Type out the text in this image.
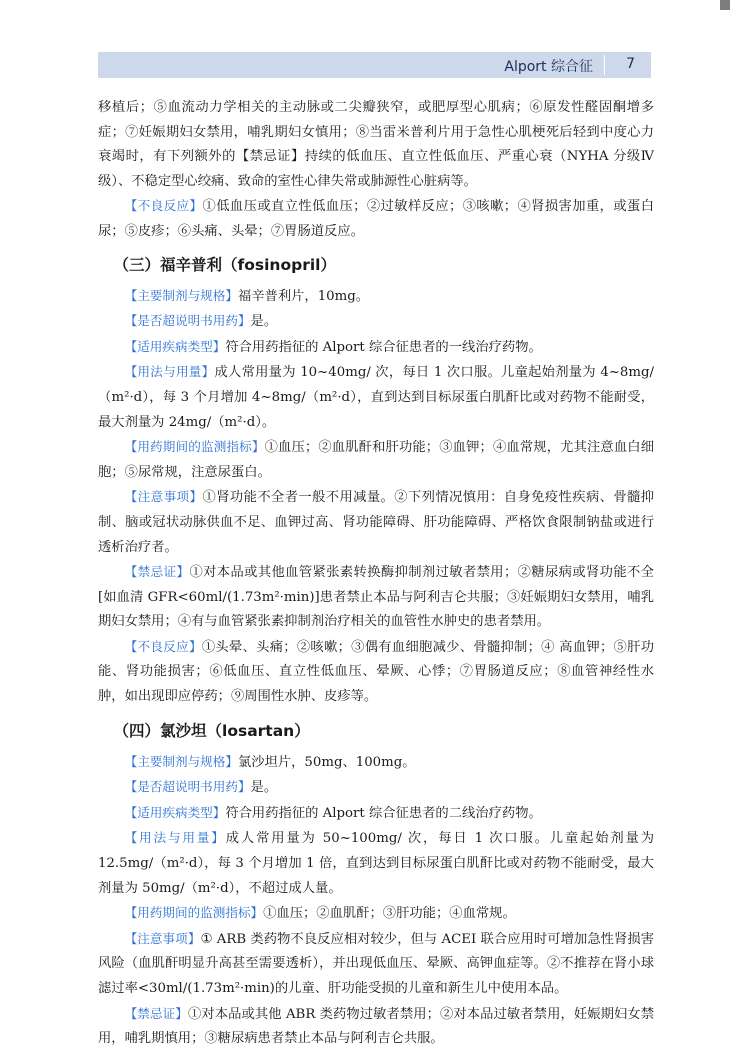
Alport 综合征 7

移植后；⑤血流动力学相关的主动脉或二尖瓣狭窄，或肥厚型心肌病；⑥原发性醛固酮增多症；⑦妊娠期妇女禁用，哺乳期妇女慎用；⑧当雷米普利片用于急性心肌梗死后轻到中度心力衰竭时，有下列额外的【禁忌证】持续的低血压、直立性低血压、严重心衰（NYHA 分级Ⅳ级）、不稳定型心绞痛、致命的室性心律失常或肺源性心脏病等。

【不良反应】①低血压或直立性低血压；②过敏样反应；③咳嗽；④肾损害加重，或蛋白尿；⑤皮疹；⑥头痛、头晕；⑦胃肠道反应。

（三）福辛普利（fosinopril）

【主要制剂与规格】福辛普利片，10mg。

【是否超说明书用药】是。

【适用疾病类型】符合用药指征的 Alport 综合征患者的一线治疗药物。

【用法与用量】成人常用量为 10~40mg/ 次，每日 1 次口服。儿童起始剂量为 4~8mg/（m²·d），每 3 个月增加 4~8mg/（m²·d），直到达到目标尿蛋白肌酐比或对药物不能耐受，最大剂量为 24mg/（m²·d）。

【用药期间的监测指标】①血压；②血肌酐和肝功能；③血钾；④血常规，尤其注意血白细胞；⑤尿常规，注意尿蛋白。

【注意事项】①肾功能不全者一般不用减量。②下列情况慎用：自身免疫性疾病、骨髓抑制、脑或冠状动脉供血不足、血钾过高、肾功能障碍、肝功能障碍、严格饮食限制钠盐或进行透析治疗者。

【禁忌证】①对本品或其他血管紧张素转换酶抑制剂过敏者禁用；②糖尿病或肾功能不全[如血清 GFR<60ml/(1.73m²·min)]患者禁止本品与阿利吉仑共服；③妊娠期妇女禁用，哺乳期妇女禁用；④有与血管紧张素抑制剂治疗相关的血管性水肿史的患者禁用。

【不良反应】①头晕、头痛；②咳嗽；③偶有血细胞减少、骨髓抑制；④ 高血钾；⑤肝功能、肾功能损害；⑥低血压、直立性低血压、晕厥、心悸；⑦胃肠道反应；⑧血管神经性水肿，如出现即应停药；⑨周围性水肿、皮疹等。

（四）氯沙坦（losartan）

【主要制剂与规格】氯沙坦片，50mg、100mg。

【是否超说明书用药】是。

【适用疾病类型】符合用药指征的 Alport 综合征患者的二线治疗药物。

【用法与用量】成人常用量为 50~100mg/ 次，每日 1 次口服。儿童起始剂量为 12.5mg/（m²·d），每 3 个月增加 1 倍，直到达到目标尿蛋白肌酐比或对药物不能耐受，最大剂量为 50mg/（m²·d），不超过成人量。

【用药期间的监测指标】①血压；②血肌酐；③肝功能；④血常规。

【注意事项】① ARB 类药物不良反应相对较少，但与 ACEI 联合应用时可增加急性肾损害风险（血肌酐明显升高甚至需要透析），并出现低血压、晕厥、高钾血症等。②不推荐在肾小球滤过率<30ml/(1.73m²·min)的儿童、肝功能受损的儿童和新生儿中使用本品。

【禁忌证】①对本品或其他 ABR 类药物过敏者禁用；②对本品过敏者禁用，妊娠期妇女禁用，哺乳期慎用；③糖尿病患者禁止本品与阿利吉仑共服。
